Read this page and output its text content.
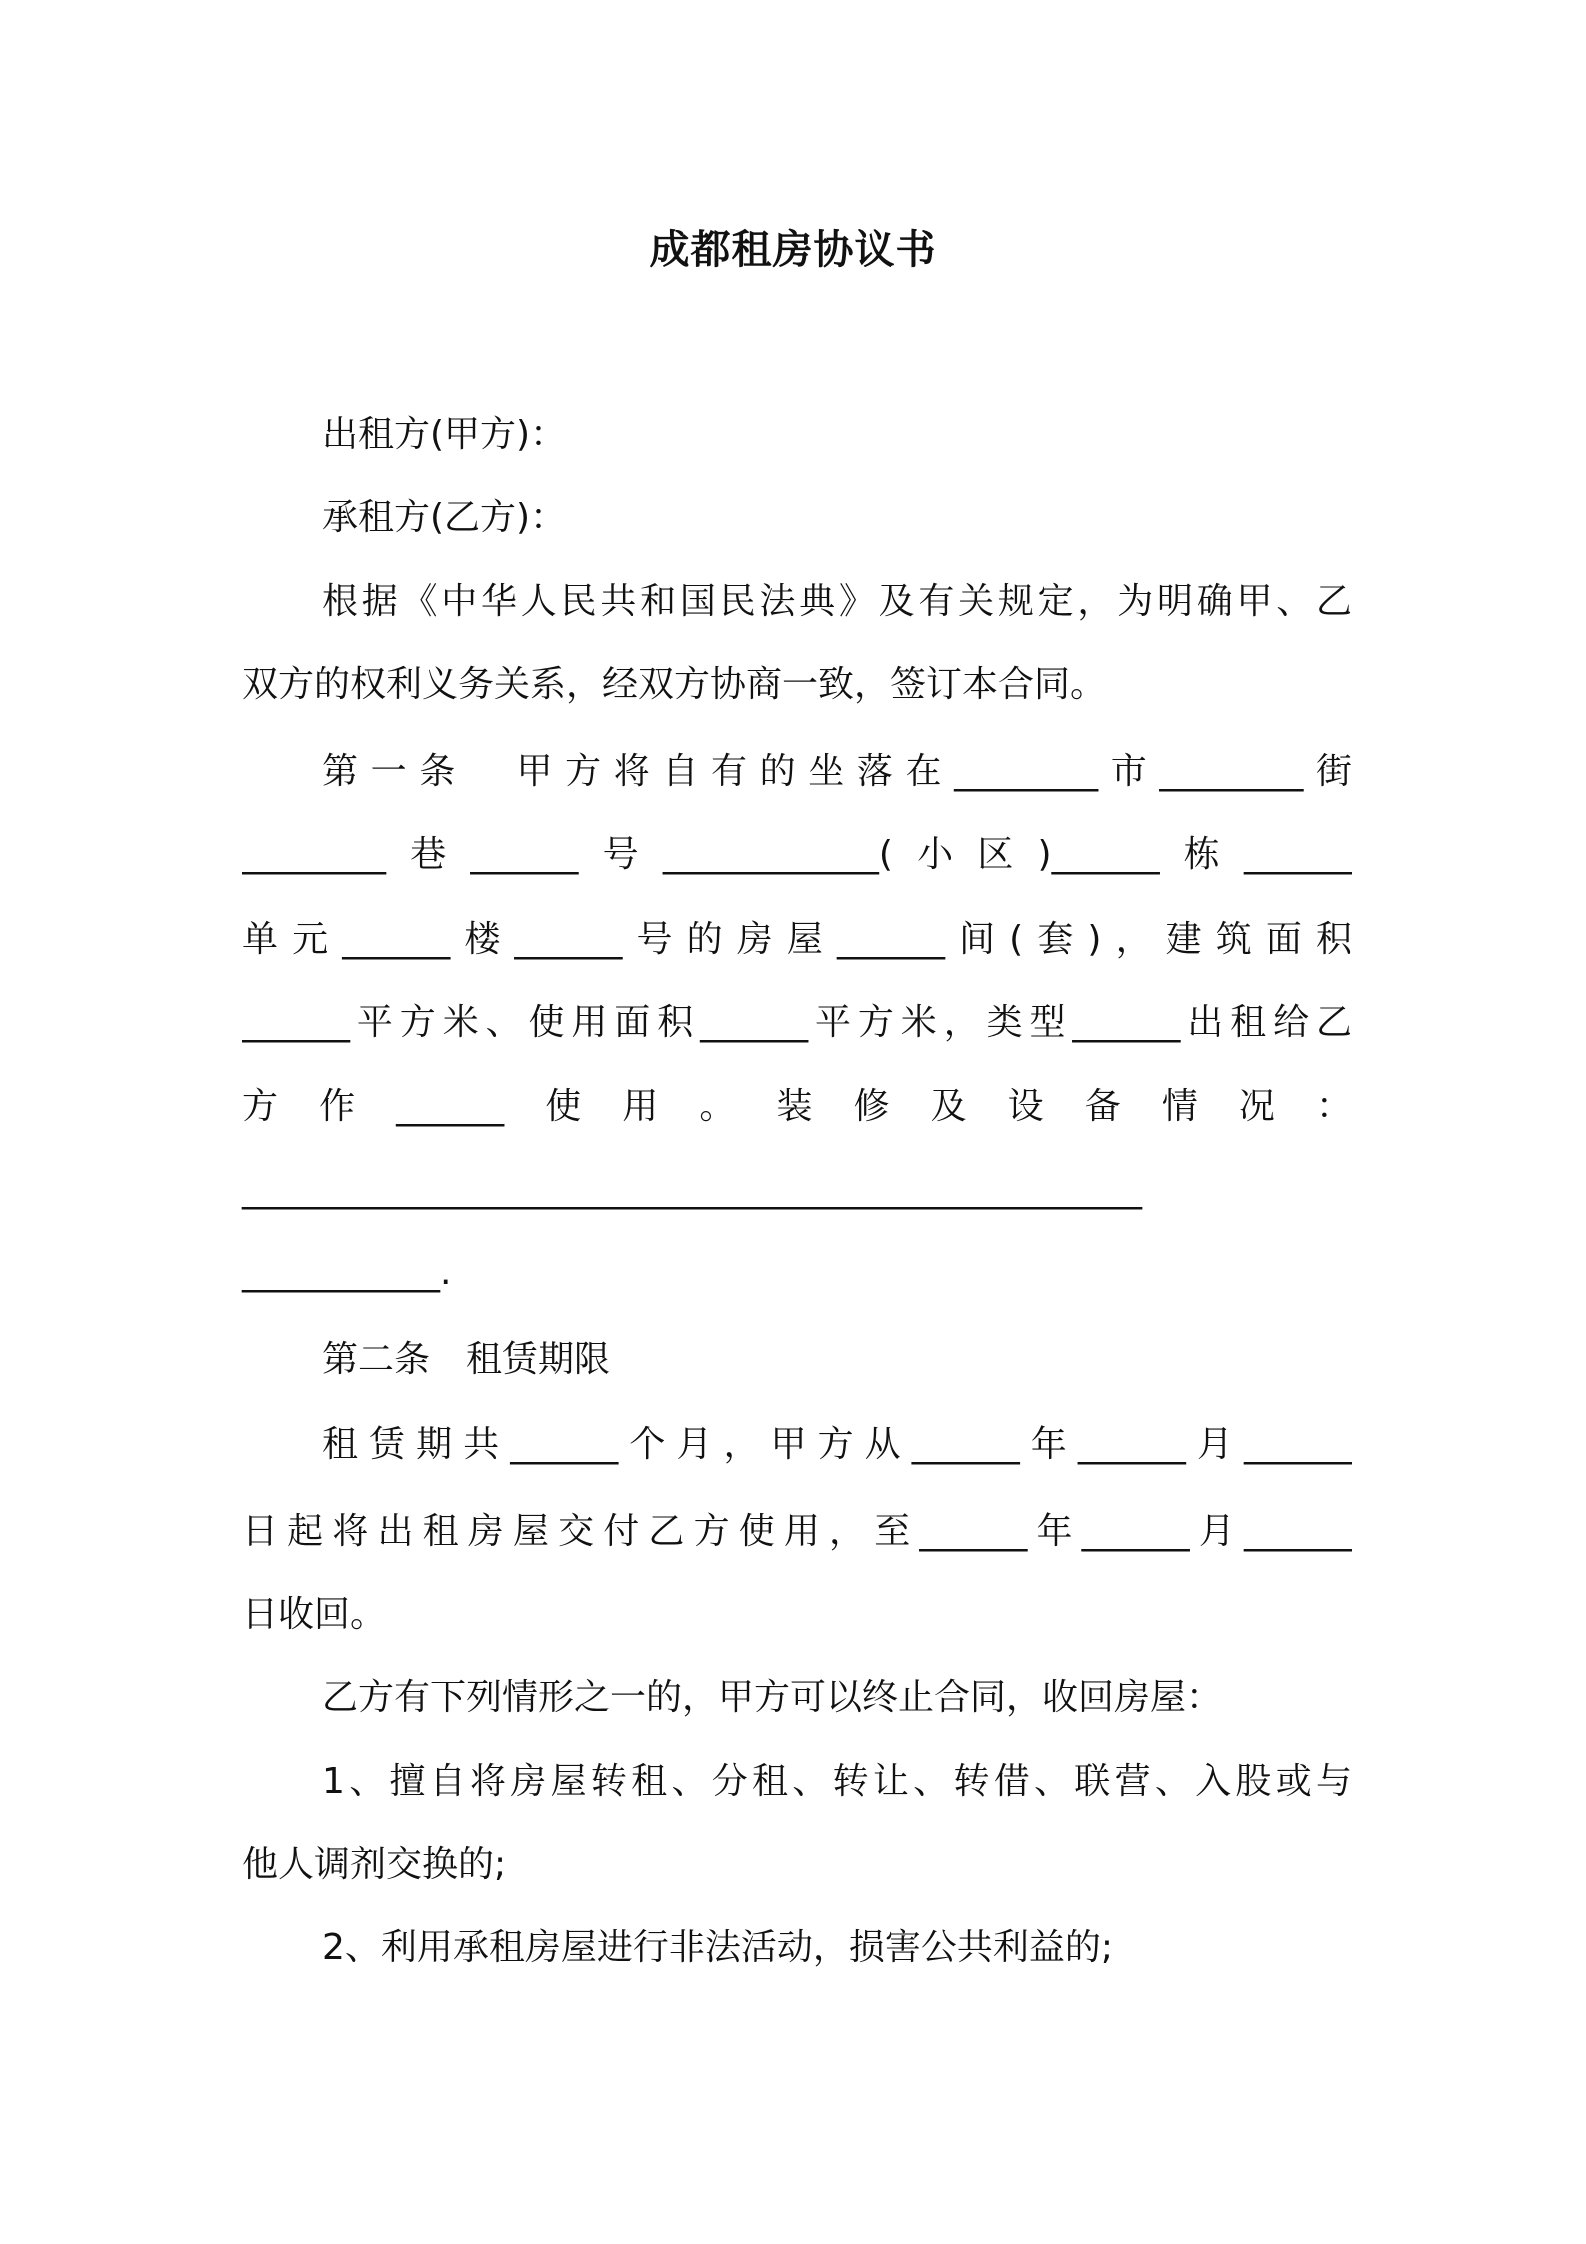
成都租房协议书
出租方(甲方)：
承租方(乙方)：
根据《中华人民共和国民法典》及有关规定，为明确甲、乙
双方的权利义务关系，经双方协商一致，签订本合同。
第一条　甲方将自有的坐落在________市________街
________巷______号____________(小区)______栋______
单元______楼______号的房屋______间(套)，建筑面积
______平方米、使用面积______平方米，类型______出租给乙
方作______使用。装修及设备情况：
__________________________________________________
___________.
第二条　租赁期限
租赁期共______个月，甲方从______年______月______
日起将出租房屋交付乙方使用，至______年______月______
日收回。
乙方有下列情形之一的，甲方可以终止合同，收回房屋：
1、擅自将房屋转租、分租、转让、转借、联营、入股或与
他人调剂交换的;
2、利用承租房屋进行非法活动，损害公共利益的;
